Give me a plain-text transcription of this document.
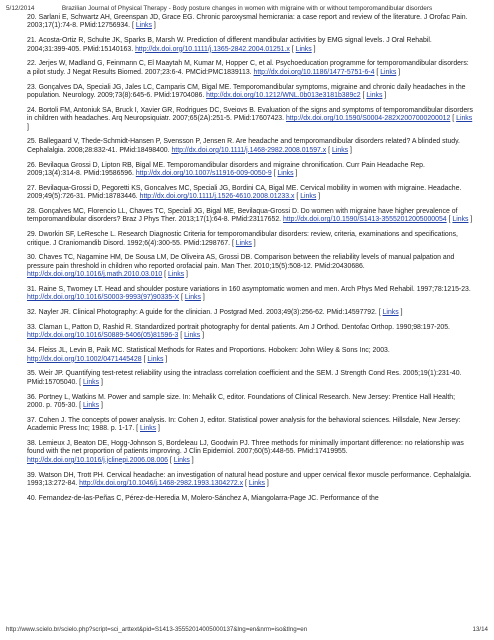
5/12/2014	Brazilian Journal of Physical Therapy - Body posture changes in women with migraine with or without temporomandibular disorders

20. Sarlani E, Schwartz AH, Greenspan JD, Grace EG. Chronic paroxysmal hemicrania: a case report and review of the literature. J Orofac Pain. 2003;17(1):74-8. PMid:12756934. [ Links ]

21. Acosta-Ortiz R, Schulte JK, Sparks B, Marsh W. Prediction of different mandibular activities by EMG signal levels. J Oral Rehabil. 2004;31:399-405. PMid:15140163. http://dx.doi.org/10.1111/j.1365-2842.2004.01251.x [ Links ]

22. Jerjes W, Madland G, Feinmann C, El Maaytah M, Kumar M, Hopper C, et al. Psychoeducation programme for temporomandibular disorders: a pilot study. J Negat Results Biomed. 2007;23:6-4. PMCid:PMC1839113. http://dx.doi.org/10.1186/1477-5751-6-4 [ Links ]

23. Gonçalves DA, Speciali JG, Jales LC, Camparis CM, Bigal ME. Temporomandibular symptoms, migraine and chronic daily headaches in the population. Neurology. 2009;73(8):645-6. PMid:19704086. http://dx.doi.org/10.1212/WNL.0b013e3181b389c2 [ Links ]

24. Bortoli FM, Antoniuk SA, Bruck I, Xavier GR, Rodrigues DC, Sveiovs B. Evaluation of the signs and symptoms of temporomandibular disorders in children with headaches. Arq Neuropsiquiatr. 2007;65(2A):251-5. PMid:17607423. http://dx.doi.org/10.1590/S0004-282X2007000200012 [ Links ]

25. Ballegaard V, Thede-Schmidt-Hansen P, Svensson P, Jensen R. Are headache and temporomandibular disorders related? A blinded study. Cephalalgia. 2008;28:832-41. PMid:18498400. http://dx.doi.org/10.1111/j.1468-2982.2008.01597.x [ Links ]

26. Bevilaqua Grossi D, Lipton RB, Bigal ME. Temporomandibular disorders and migraine chronification. Curr Pain Headache Rep. 2009;13(4):314-8. PMid:19586596. http://dx.doi.org/10.1007/s11916-009-0050-9 [ Links ]

27. Bevilaqua-Grossi D, Pegoretti KS, Goncalves MC, Speciali JG, Bordini CA, Bigal ME. Cervical mobility in women with migraine. Headache. 2009;49(5):726-31. PMid:18783446. http://dx.doi.org/10.1111/j.1526-4610.2008.01233.x [ Links ]

28. Gonçalves MC, Florencio LL, Chaves TC, Speciali JG, Bigal ME, Bevilaqua-Grossi D. Do women with migraine have higher prevalence of temporomandibular disorders? Braz J Phys Ther. 2013;17(1):64-8. PMid:23117652. http://dx.doi.org/10.1590/S1413-35552012005000054 [ Links ]

29. Dworkin SF, LeResche L. Research Diagnostic Criteria for temporomandibular disorders: review, criteria, examinations and specifications, critique. J Craniomandib Disord. 1992;6(4):300-55. PMid:1298767. [ Links ]

30. Chaves TC, Nagamine HM, De Sousa LM, De Oliveira AS, Grossi DB. Comparison between the reliability levels of manual palpation and pressure pain threshold in children who reported orofacial pain. Man Ther. 2010;15(5):508-12. PMid:20430686. http://dx.doi.org/10.1016/j.math.2010.03.010 [ Links ]

31. Raine S, Twomey LT. Head and shoulder posture variations in 160 asymptomatic women and men. Arch Phys Med Rehabil. 1997;78:1215-23. http://dx.doi.org/10.1016/S0003-9993(97)90335-X [ Links ]

32. Nayler JR. Clinical Photography: A guide for the clinician. J Postgrad Med. 2003;49(3):256-62. PMid:14597792. [ Links ]

33. Claman L, Patton D, Rashid R. Standardized portrait photography for dental patients. Am J Orthod. Dentofac Orthop. 1990;98:197-205. http://dx.doi.org/10.1016/S0889-5406(05)81596-3 [ Links ]

34. Fleiss JL, Levin B, Paik MC. Statistical Methods for Rates and Proportions. Hoboken: John Wiley & Sons Inc; 2003. http://dx.doi.org/10.1002/0471445428 [ Links ]

35. Weir JP. Quantifying test-retest reliability using the intraclass correlation coefficient and the SEM. J Strength Cond Res. 2005;19(1):231-40. PMid:15705040. [ Links ]

36. Portney L, Watkins M. Power and sample size. In: Mehalik C, editor. Foundations of Clinical Research. New Jersey: Prentice Hall Health; 2000. p. 705-30. [ Links ]

37. Cohen J. The concepts of power analysis. In: Cohen J, editor. Statistical power analysis for the behavioral sciences. Hillsdale, New Jersey: Academic Press Inc; 1988. p. 1-17. [ Links ]

38. Lemieux J, Beaton DE, Hogg-Johnson S, Bordeleau LJ, Goodwin PJ. Three methods for minimally important difference: no relationship was found with the net proportion of patients improving. J Clin Epidemiol. 2007;60(5):448-55. PMid:17419955. http://dx.doi.org/10.1016/j.jclinepi.2006.08.006 [ Links ]

39. Watson DH, Trott PH. Cervical headache: an investigation of natural head posture and upper cervical flexor muscle performance. Cephalalgia. 1993;13:272-84. http://dx.doi.org/10.1046/j.1468-2982.1993.1304272.x [ Links ]

40. Fernandez-de-las-Peñas C, Pérez-de-Heredia M, Molero-Sánchez A, Miangolarra-Page JC. Performance of the

http://www.scielo.br/scielo.php?script=sci_arttext&pid=S1413-35552014005000137&lng=en&nrm=iso&tlng=en	13/14
